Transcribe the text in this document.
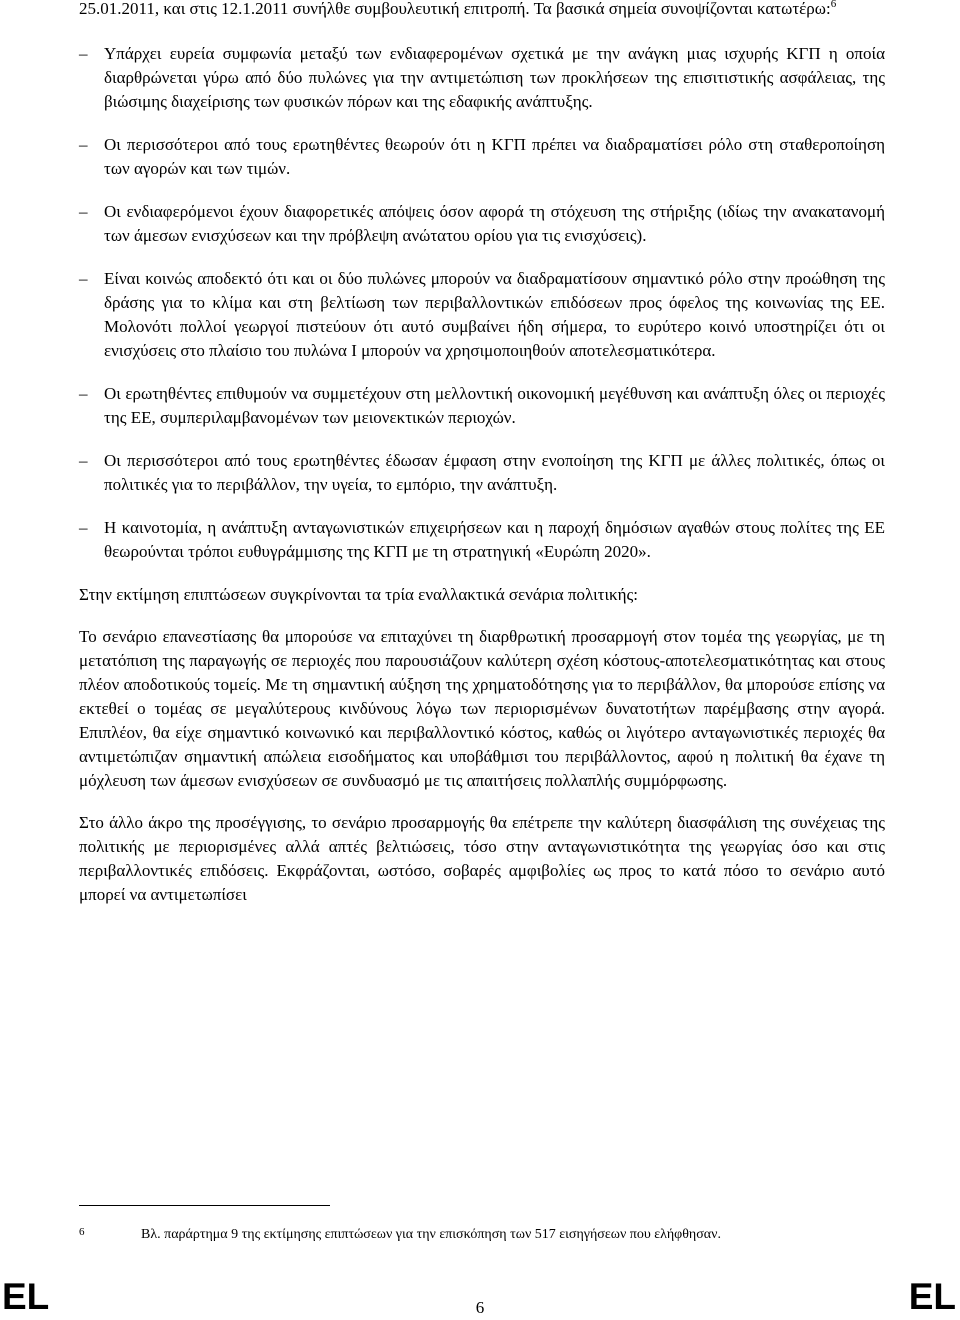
25.01.2011, και στις 12.1.2011 συνήλθε συμβουλευτική επιτροπή. Τα βασικά σημεία συνοψίζονται κατωτέρω:$^6$

– Υπάρχει ευρεία συμφωνία μεταξύ των ενδιαφερομένων σχετικά με την ανάγκη μιας ισχυρής ΚΓΠ η οποία διαρθρώνεται γύρω από δύο πυλώνες για την αντιμετώπιση των προκλήσεων της επισιτιστικής ασφάλειας, της βιώσιμης διαχείρισης των φυσικών πόρων και της εδαφικής ανάπτυξης.
– Οι περισσότεροι από τους ερωτηθέντες θεωρούν ότι η ΚΓΠ πρέπει να διαδραματίσει ρόλο στη σταθεροποίηση των αγορών και των τιμών.
– Οι ενδιαφερόμενοι έχουν διαφορετικές απόψεις όσον αφορά τη στόχευση της στήριξης (ιδίως την ανακατανομή των άμεσων ενισχύσεων και την πρόβλεψη ανώτατου ορίου για τις ενισχύσεις).
– Είναι κοινώς αποδεκτό ότι και οι δύο πυλώνες μπορούν να διαδραματίσουν σημαντικό ρόλο στην προώθηση της δράσης για το κλίμα και στη βελτίωση των περιβαλλοντικών επιδόσεων προς όφελος της κοινωνίας της ΕΕ. Μολονότι πολλοί γεωργοί πιστεύουν ότι αυτό συμβαίνει ήδη σήμερα, το ευρύτερο κοινό υποστηρίζει ότι οι ενισχύσεις στο πλαίσιο του πυλώνα I μπορούν να χρησιμοποιηθούν αποτελεσματικότερα.
– Οι ερωτηθέντες επιθυμούν να συμμετέχουν στη μελλοντική οικονομική μεγέθυνση και ανάπτυξη όλες οι περιοχές της ΕΕ, συμπεριλαμβανομένων των μειονεκτικών περιοχών.
– Οι περισσότεροι από τους ερωτηθέντες έδωσαν έμφαση στην ενοποίηση της ΚΓΠ με άλλες πολιτικές, όπως οι πολιτικές για το περιβάλλον, την υγεία, το εμπόριο, την ανάπτυξη.
– Η καινοτομία, η ανάπτυξη ανταγωνιστικών επιχειρήσεων και η παροχή δημόσιων αγαθών στους πολίτες της ΕΕ θεωρούνται τρόποι ευθυγράμμισης της ΚΓΠ με τη στρατηγική «Ευρώπη 2020».

Στην εκτίμηση επιπτώσεων συγκρίνονται τα τρία εναλλακτικά σενάρια πολιτικής:

Το σενάριο επανεστίασης θα μπορούσε να επιταχύνει τη διαρθρωτική προσαρμογή στον τομέα της γεωργίας, με τη μετατόπιση της παραγωγής σε περιοχές που παρουσιάζουν καλύτερη σχέση κόστους-αποτελεσματικότητας και στους πλέον αποδοτικούς τομείς. Με τη σημαντική αύξηση της χρηματοδότησης για το περιβάλλον, θα μπορούσε επίσης να εκτεθεί ο τομέας σε μεγαλύτερους κινδύνους λόγω των περιορισμένων δυνατοτήτων παρέμβασης στην αγορά. Επιπλέον, θα είχε σημαντικό κοινωνικό και περιβαλλοντικό κόστος, καθώς οι λιγότερο ανταγωνιστικές περιοχές θα αντιμετώπιζαν σημαντική απώλεια εισοδήματος και υποβάθμισι του περιβάλλοντος, αφού η πολιτική θα έχανε τη μόχλευση των άμεσων ενισχύσεων σε συνδυασμό με τις απαιτήσεις πολλαπλής συμμόρφωσης.

Στο άλλο άκρο της προσέγγισης, το σενάριο προσαρμογής θα επέτρεπε την καλύτερη διασφάλιση της συνέχειας της πολιτικής με περιορισμένες αλλά απτές βελτιώσεις, τόσο στην ανταγωνιστικότητα της γεωργίας όσο και στις περιβαλλοντικές επιδόσεις. Εκφράζονται, ωστόσο, σοβαρές αμφιβολίες ως προς το κατά πόσο το σενάριο αυτό μπορεί να αντιμετωπίσει

6	Βλ. παράρτημα 9 της εκτίμησης επιπτώσεων για την επισκόπηση των 517 εισηγήσεων που ελήφθησαν.
EL	6	EL
